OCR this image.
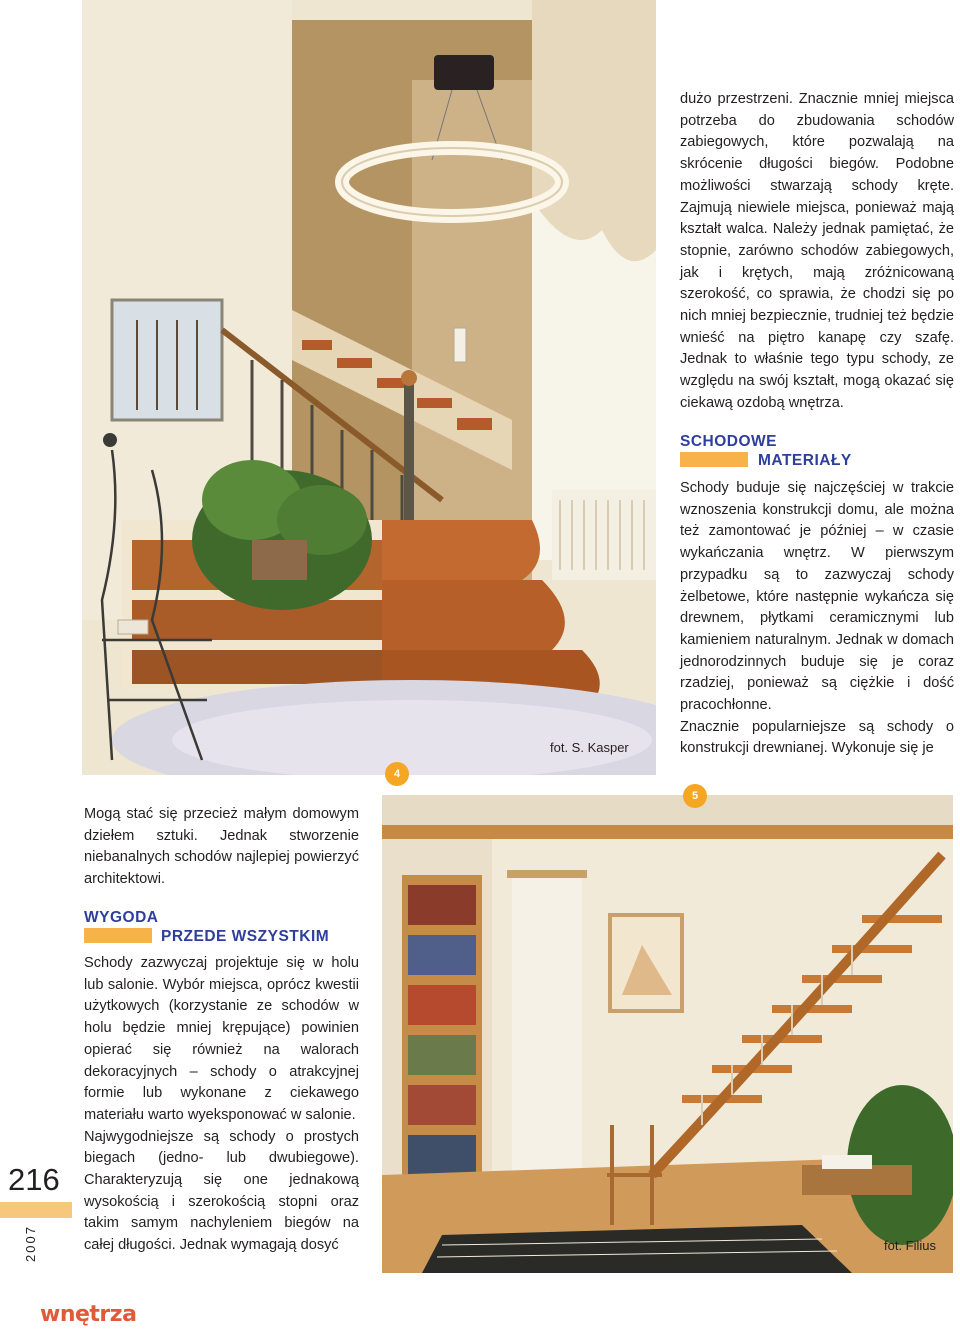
4
fot. S. Kasper

Mogą stać się przecież małym domowym dziełem sztuki. Jednak stworzenie niebanalnych schodów najlepiej powierzyć architektowi.

dużo przestrzeni. Znacznie mniej miejsca potrzeba do zbudowania schodów zabiegowych, które pozwalają na skrócenie długości biegów. Podobne możliwości stwarzają schody kręte. Zajmują niewiele miejsca, ponieważ mają kształt walca. Należy jednak pamiętać, że stopnie, zarówno schodów zabiegowych, jak i krętych, mają zróżnicowaną szerokość, co sprawia, że chodzi się po nich mniej bezpiecznie, trudniej też będzie wnieść na piętro kanapę czy szafę. Jednak to właśnie tego typu schody, ze względu na swój kształt, mogą okazać się ciekawą ozdobą wnętrza.

SCHODOWE
MATERIAŁY

Schody buduje się najczęściej w trakcie wznoszenia konstrukcji domu, ale można też zamontować je później – w czasie wykańczania wnętrz. W pierwszym przypadku są to zazwyczaj schody żelbetowe, które następnie wykańcza się drewnem, płytkami ceramicznymi lub kamieniem naturalnym. Jednak w domach jednorodzinnych buduje się je coraz rzadziej, ponieważ są ciężkie i dość pracochłonne.

Znacznie popularniejsze są schody o konstrukcji drewnianej. Wykonuje się je

5
fot. Filius
WYGODA
PRZEDE WSZYSTKIM

Schody zazwyczaj projektuje się w holu lub salonie. Wybór miejsca, oprócz kwestii użytkowych (korzystanie ze schodów w holu będzie mniej krępujące) powinien opierać się również na walorach dekoracyjnych – schody o atrakcyjnej formie lub wykonane z ciekawego materiału warto wyeksponować w salonie.

Najwygodniejsze są schody o prostych biegach (jedno- lub dwubiegowe). Charakteryzują się one jednakową wysokością i szerokością stopni oraz takim samym nachyleniem biegów na całej długości. Jednak wymagają dosyć

216
2007
wnętrza
